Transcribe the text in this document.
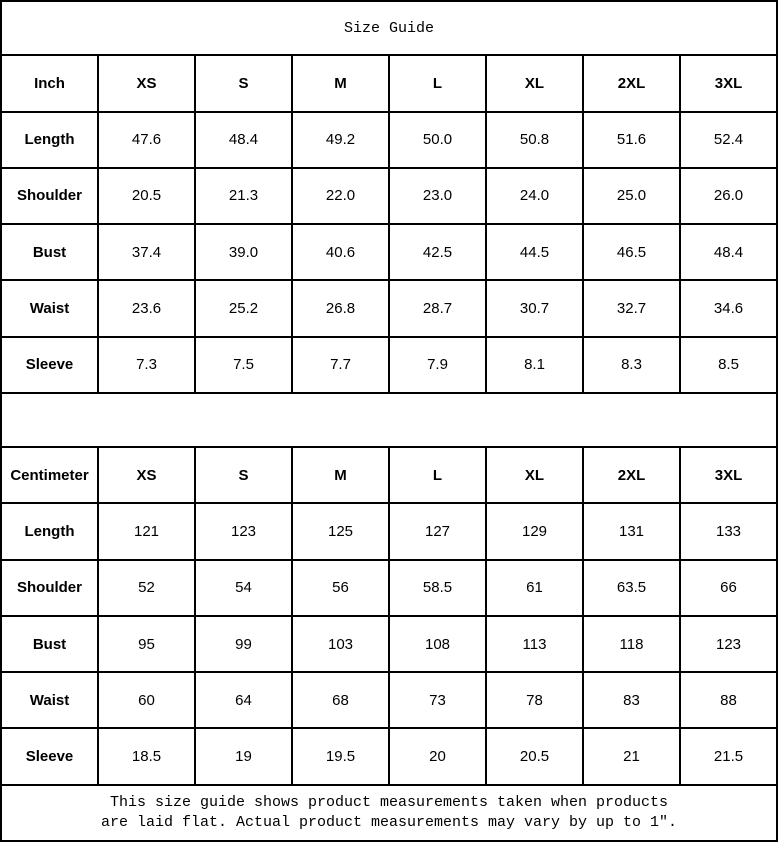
Size Guide							
Inch	XS	S	M	L	XL	2XL	3XL
Length	47.6	48.4	49.2	50.0	50.8	51.6	52.4
Shoulder	20.5	21.3	22.0	23.0	24.0	25.0	26.0
Bust	37.4	39.0	40.6	42.5	44.5	46.5	48.4
Waist	23.6	25.2	26.8	28.7	30.7	32.7	34.6
Sleeve	7.3	7.5	7.7	7.9	8.1	8.3	8.5

Centimeter	XS	S	M	L	XL	2XL	3XL
Length	121	123	125	127	129	131	133
Shoulder	52	54	56	58.5	61	63.5	66
Bust	95	99	103	108	113	118	123
Waist	60	64	68	73	78	83	88
Sleeve	18.5	19	19.5	20	20.5	21	21.5

This size guide shows product measurements taken when products
are laid flat. Actual product measurements may vary by up to 1″.							
